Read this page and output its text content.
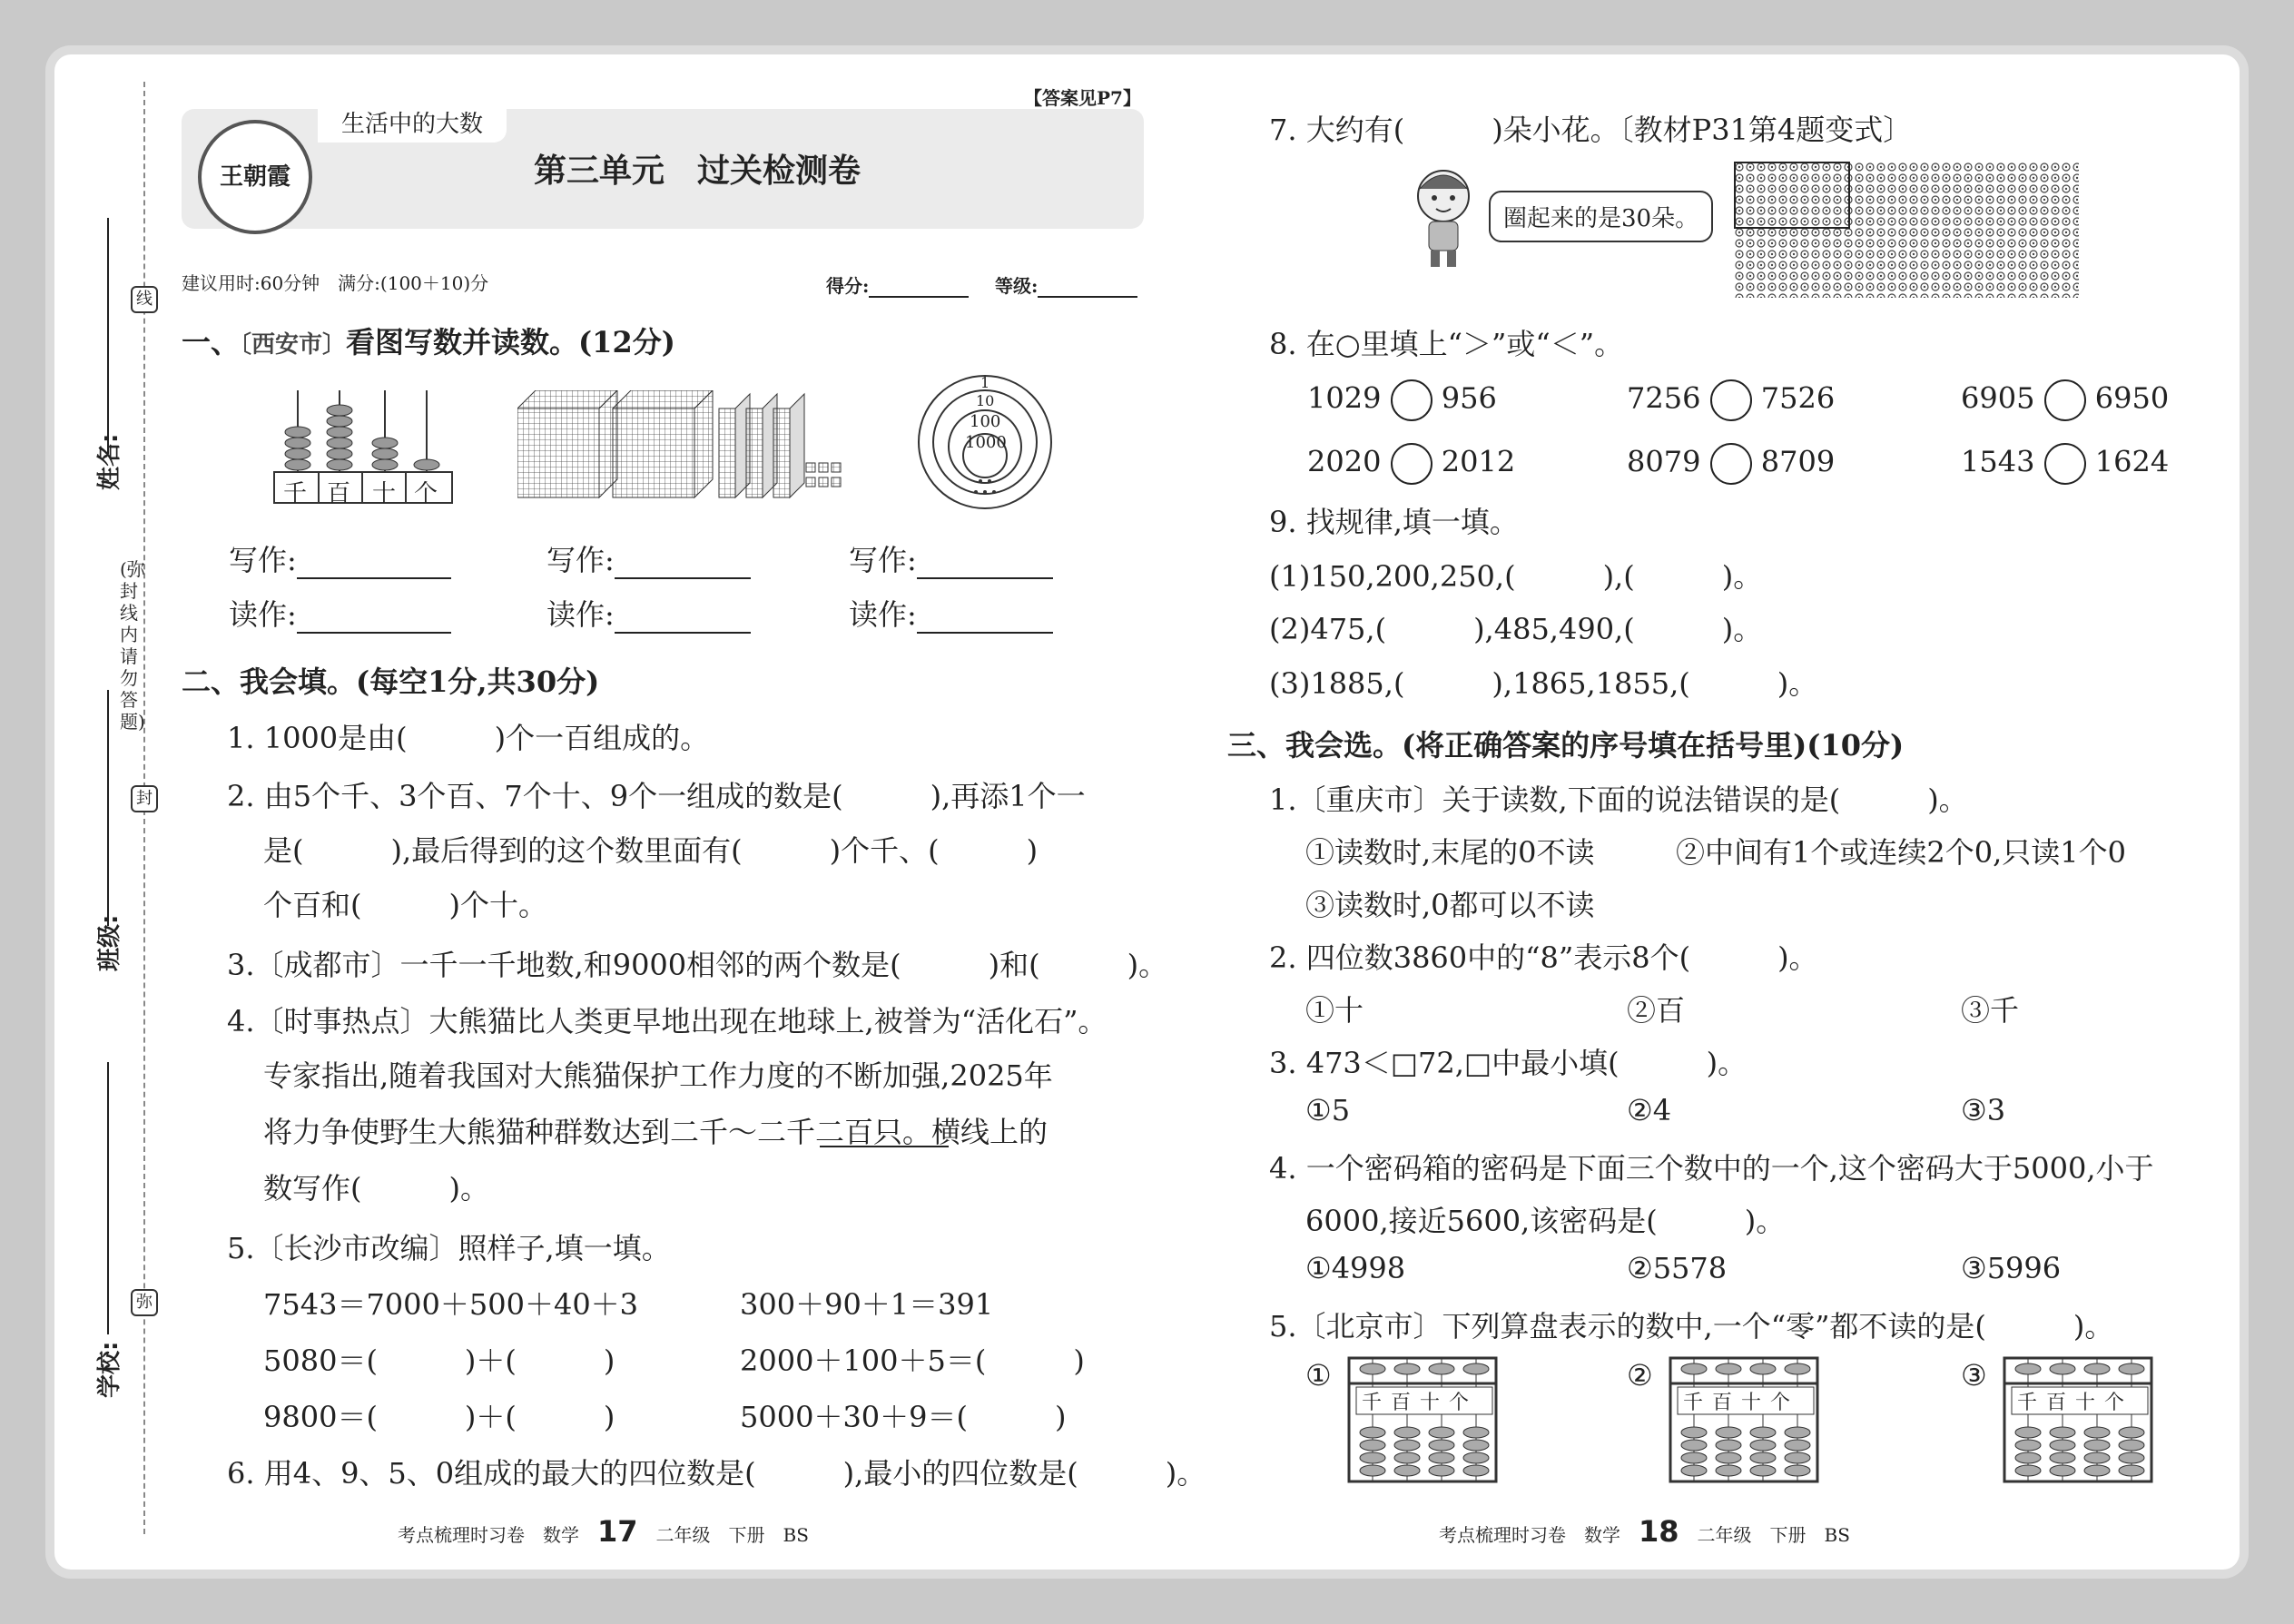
姓名:
班级:
学校:
(弥封线内请勿答题)
线
封
弥
王朝霞
生活中的大数
第三单元　过关检测卷
【答案见P7】
建议用时:60分钟　满分:(100＋10)分	得分:	等级:
一、〔西安市〕看图写数并读数。(12分)
千 百 十 个
1
10
100
1000
写作:	写作:	写作:
读作:	读作:	读作:
二、我会填。(每空1分,共30分)
1. 1000是由(　　　)个一百组成的。
2. 由5个千、3个百、7个十、9个一组成的数是(　　　),再添1个一
是(　　　),最后得到的这个数里面有(　　　)个千、(　　　)
个百和(　　　)个十。
3.〔成都市〕一千一千地数,和9000相邻的两个数是(　　　)和(　　　)。
4.〔时事热点〕大熊猫比人类更早地出现在地球上,被誉为“活化石”。
专家指出,随着我国对大熊猫保护工作力度的不断加强,2025年
将力争使野生大熊猫种群数达到二千～二千二百只。横线上的
数写作(　　　)。
5.〔长沙市改编〕照样子,填一填。
7543＝7000＋500＋40＋3	300＋90＋1＝391
5080＝(　　　)＋(　　　)	2000＋100＋5＝(　　　)
9800＝(　　　)＋(　　　)	5000＋30＋9＝(　　　)
6. 用4、9、5、0组成的最大的四位数是(　　　),最小的四位数是(　　　)。
7. 大约有(　　　)朵小花。〔教材P31第4题变式〕
圈起来的是30朵。
8. 在○里填上“＞”或“＜”。
1029 956	7256 7526	6905 6950
2020 2012	8079 8709	1543 1624
9. 找规律,填一填。
(1)150,200,250,(　　　),(　　　)。
(2)475,(　　　),485,490,(　　　)。
(3)1885,(　　　),1865,1855,(　　　)。
三、我会选。(将正确答案的序号填在括号里)(10分)
1.〔重庆市〕关于读数,下面的说法错误的是(　　　)。
①读数时,末尾的0不读	②中间有1个或连续2个0,只读1个0
③读数时,0都可以不读
2. 四位数3860中的“8”表示8个(　　　)。
①十	②百	③千
3. 473＜□72,□中最小填(　　　)。
①5	②4	③3
4. 一个密码箱的密码是下面三个数中的一个,这个密码大于5000,小于
6000,接近5600,该密码是(　　　)。
①4998	②5578	③5996
5.〔北京市〕下列算盘表示的数中,一个“零”都不读的是(　　　)。
①
千百十个
②
千百十个
③
千百十个
考点梳理时习卷　数学　 17　 二年级　下册　BS	考点梳理时习卷　数学　 18　 二年级　下册　BS
